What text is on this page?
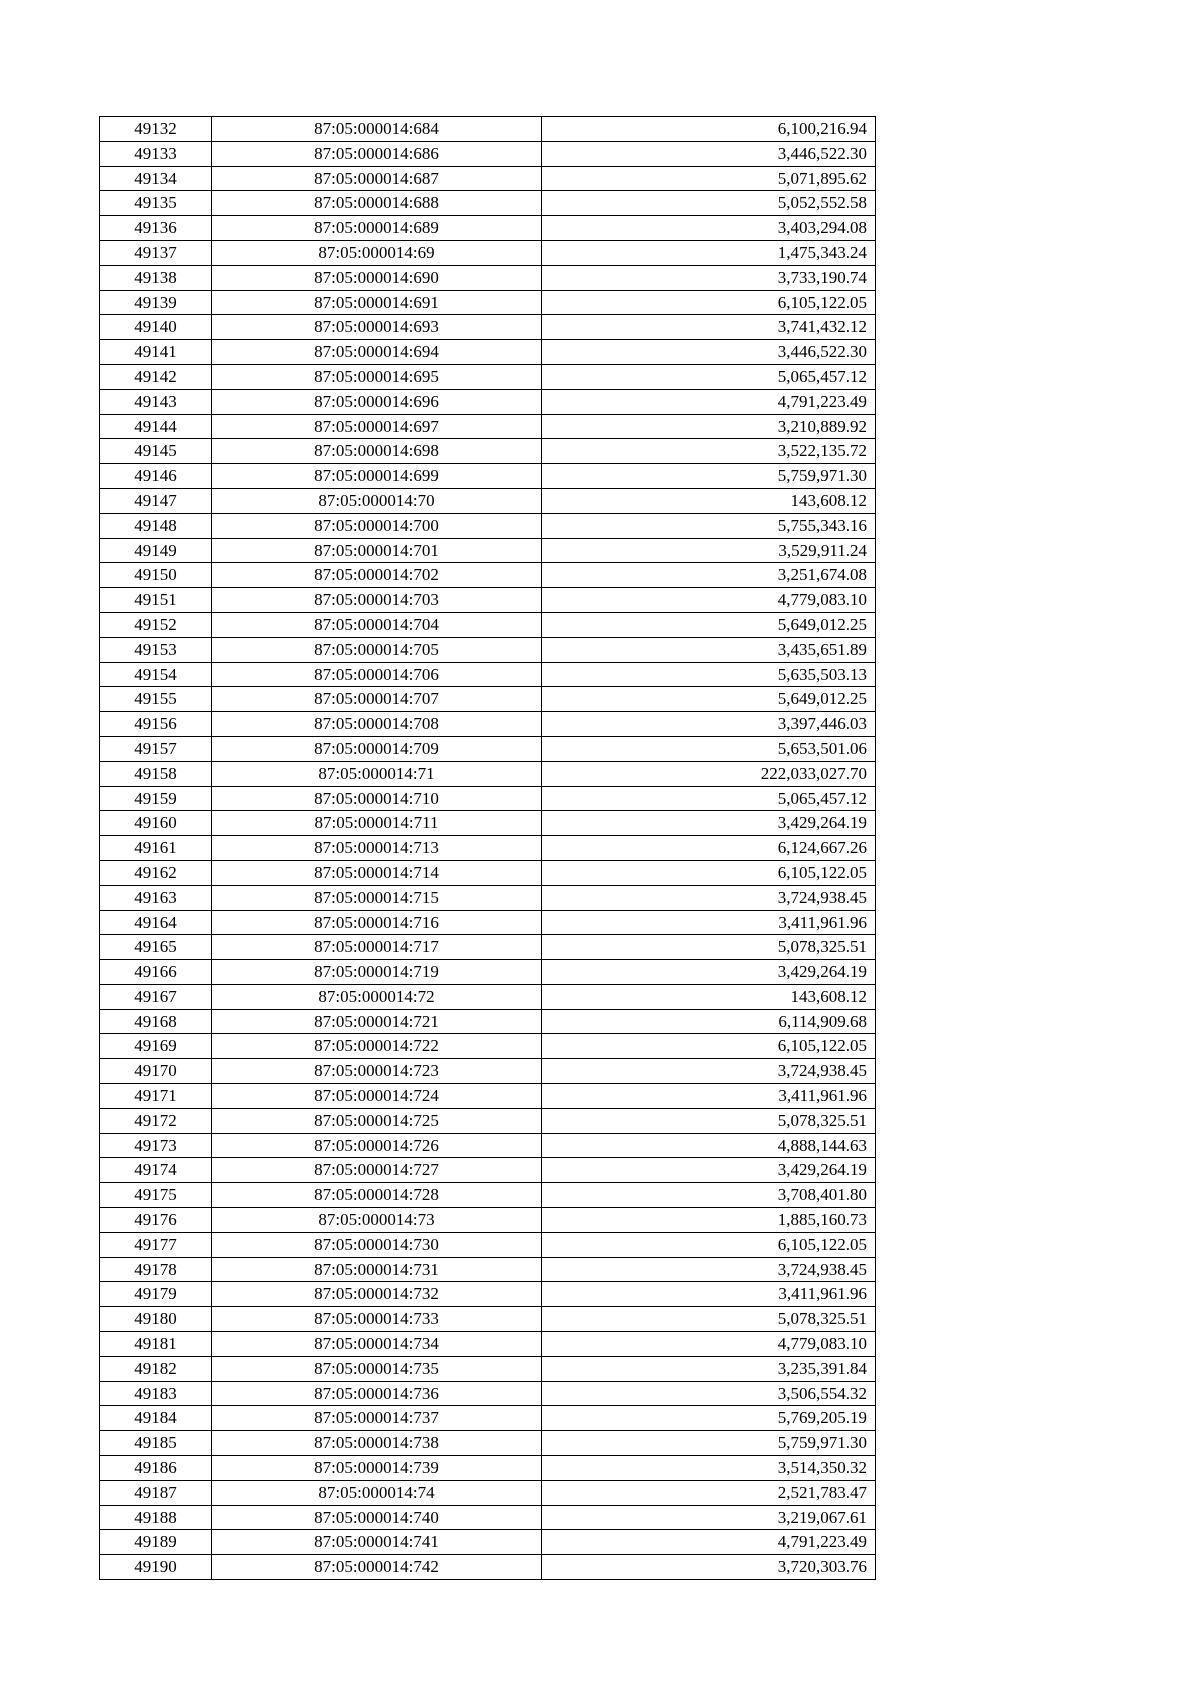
49132	87:05:000014:684	6,100,216.94
49133	87:05:000014:686	3,446,522.30
49134	87:05:000014:687	5,071,895.62
49135	87:05:000014:688	5,052,552.58
49136	87:05:000014:689	3,403,294.08
49137	87:05:000014:69	1,475,343.24
49138	87:05:000014:690	3,733,190.74
49139	87:05:000014:691	6,105,122.05
49140	87:05:000014:693	3,741,432.12
49141	87:05:000014:694	3,446,522.30
49142	87:05:000014:695	5,065,457.12
49143	87:05:000014:696	4,791,223.49
49144	87:05:000014:697	3,210,889.92
49145	87:05:000014:698	3,522,135.72
49146	87:05:000014:699	5,759,971.30
49147	87:05:000014:70	143,608.12
49148	87:05:000014:700	5,755,343.16
49149	87:05:000014:701	3,529,911.24
49150	87:05:000014:702	3,251,674.08
49151	87:05:000014:703	4,779,083.10
49152	87:05:000014:704	5,649,012.25
49153	87:05:000014:705	3,435,651.89
49154	87:05:000014:706	5,635,503.13
49155	87:05:000014:707	5,649,012.25
49156	87:05:000014:708	3,397,446.03
49157	87:05:000014:709	5,653,501.06
49158	87:05:000014:71	222,033,027.70
49159	87:05:000014:710	5,065,457.12
49160	87:05:000014:711	3,429,264.19
49161	87:05:000014:713	6,124,667.26
49162	87:05:000014:714	6,105,122.05
49163	87:05:000014:715	3,724,938.45
49164	87:05:000014:716	3,411,961.96
49165	87:05:000014:717	5,078,325.51
49166	87:05:000014:719	3,429,264.19
49167	87:05:000014:72	143,608.12
49168	87:05:000014:721	6,114,909.68
49169	87:05:000014:722	6,105,122.05
49170	87:05:000014:723	3,724,938.45
49171	87:05:000014:724	3,411,961.96
49172	87:05:000014:725	5,078,325.51
49173	87:05:000014:726	4,888,144.63
49174	87:05:000014:727	3,429,264.19
49175	87:05:000014:728	3,708,401.80
49176	87:05:000014:73	1,885,160.73
49177	87:05:000014:730	6,105,122.05
49178	87:05:000014:731	3,724,938.45
49179	87:05:000014:732	3,411,961.96
49180	87:05:000014:733	5,078,325.51
49181	87:05:000014:734	4,779,083.10
49182	87:05:000014:735	3,235,391.84
49183	87:05:000014:736	3,506,554.32
49184	87:05:000014:737	5,769,205.19
49185	87:05:000014:738	5,759,971.30
49186	87:05:000014:739	3,514,350.32
49187	87:05:000014:74	2,521,783.47
49188	87:05:000014:740	3,219,067.61
49189	87:05:000014:741	4,791,223.49
49190	87:05:000014:742	3,720,303.76
